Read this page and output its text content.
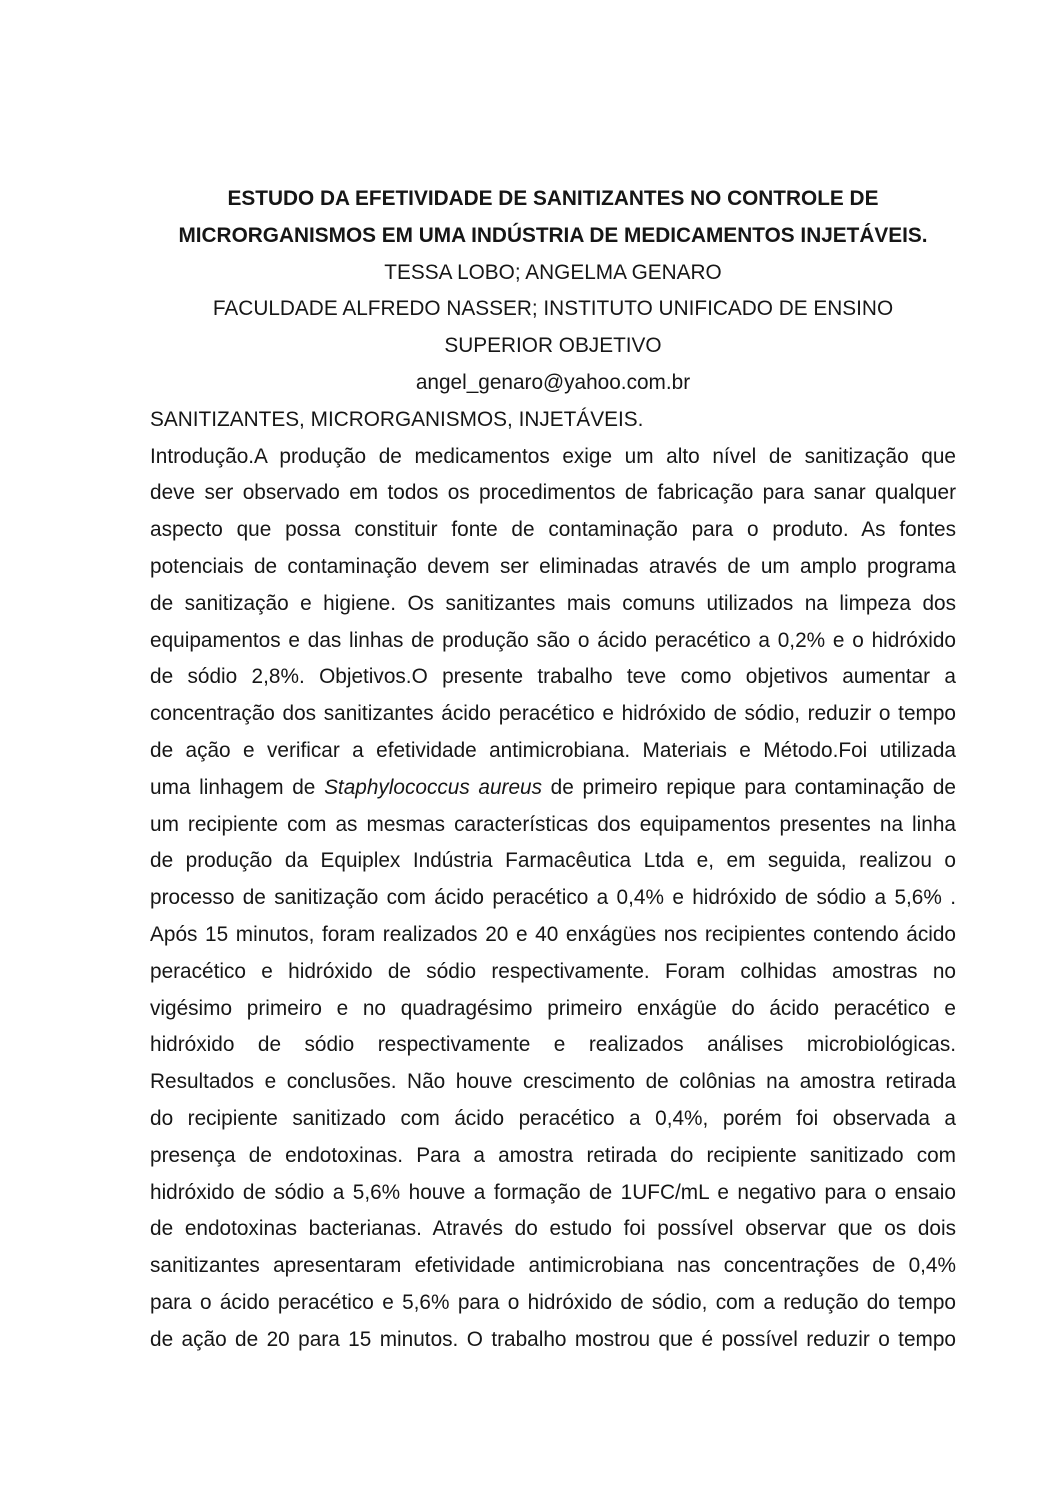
ESTUDO DA EFETIVIDADE DE SANITIZANTES NO CONTROLE DE
MICRORGANISMOS EM UMA INDÚSTRIA DE MEDICAMENTOS INJETÁVEIS.
TESSA LOBO; ANGELMA GENARO
FACULDADE ALFREDO NASSER; INSTITUTO UNIFICADO DE ENSINO
SUPERIOR OBJETIVO
angel_genaro@yahoo.com.br
SANITIZANTES, MICRORGANISMOS, INJETÁVEIS.
Introdução.A produção de medicamentos exige um alto nível de sanitização que
deve ser observado em todos os procedimentos de fabricação para sanar qualquer
aspecto que possa constituir fonte de contaminação para o produto. As fontes
potenciais de contaminação devem ser eliminadas através de um amplo programa
de sanitização e higiene. Os sanitizantes mais comuns utilizados na limpeza dos
equipamentos e das linhas de produção são o ácido peracético a 0,2% e o hidróxido
de sódio 2,8%. Objetivos.O presente trabalho teve como objetivos aumentar a
concentração dos sanitizantes ácido peracético e hidróxido de sódio, reduzir o tempo
de ação e verificar a efetividade antimicrobiana. Materiais e Método.Foi utilizada
uma linhagem de Staphylococcus aureus de primeiro repique para contaminação de
um recipiente com as mesmas características dos equipamentos presentes na linha
de produção da Equiplex Indústria Farmacêutica Ltda e, em seguida, realizou o
processo de sanitização com ácido peracético a 0,4% e hidróxido de sódio a 5,6% .
Após 15 minutos, foram realizados 20 e 40 enxágües nos recipientes contendo ácido
peracético e hidróxido de sódio respectivamente. Foram colhidas amostras no
vigésimo primeiro e no quadragésimo primeiro enxágüe do ácido peracético e
hidróxido de sódio respectivamente e realizados análises microbiológicas.
Resultados e conclusões. Não houve crescimento de colônias na amostra retirada
do recipiente sanitizado com ácido peracético a 0,4%, porém foi observada a
presença de endotoxinas. Para a amostra retirada do recipiente sanitizado com
hidróxido de sódio a 5,6% houve a formação de 1UFC/mL e negativo para o ensaio
de endotoxinas bacterianas. Através do estudo foi possível observar que os dois
sanitizantes apresentaram efetividade antimicrobiana nas concentrações de 0,4%
para o ácido peracético e 5,6% para o hidróxido de sódio, com a redução do tempo
de ação de 20 para 15 minutos. O trabalho mostrou que é possível reduzir o tempo
